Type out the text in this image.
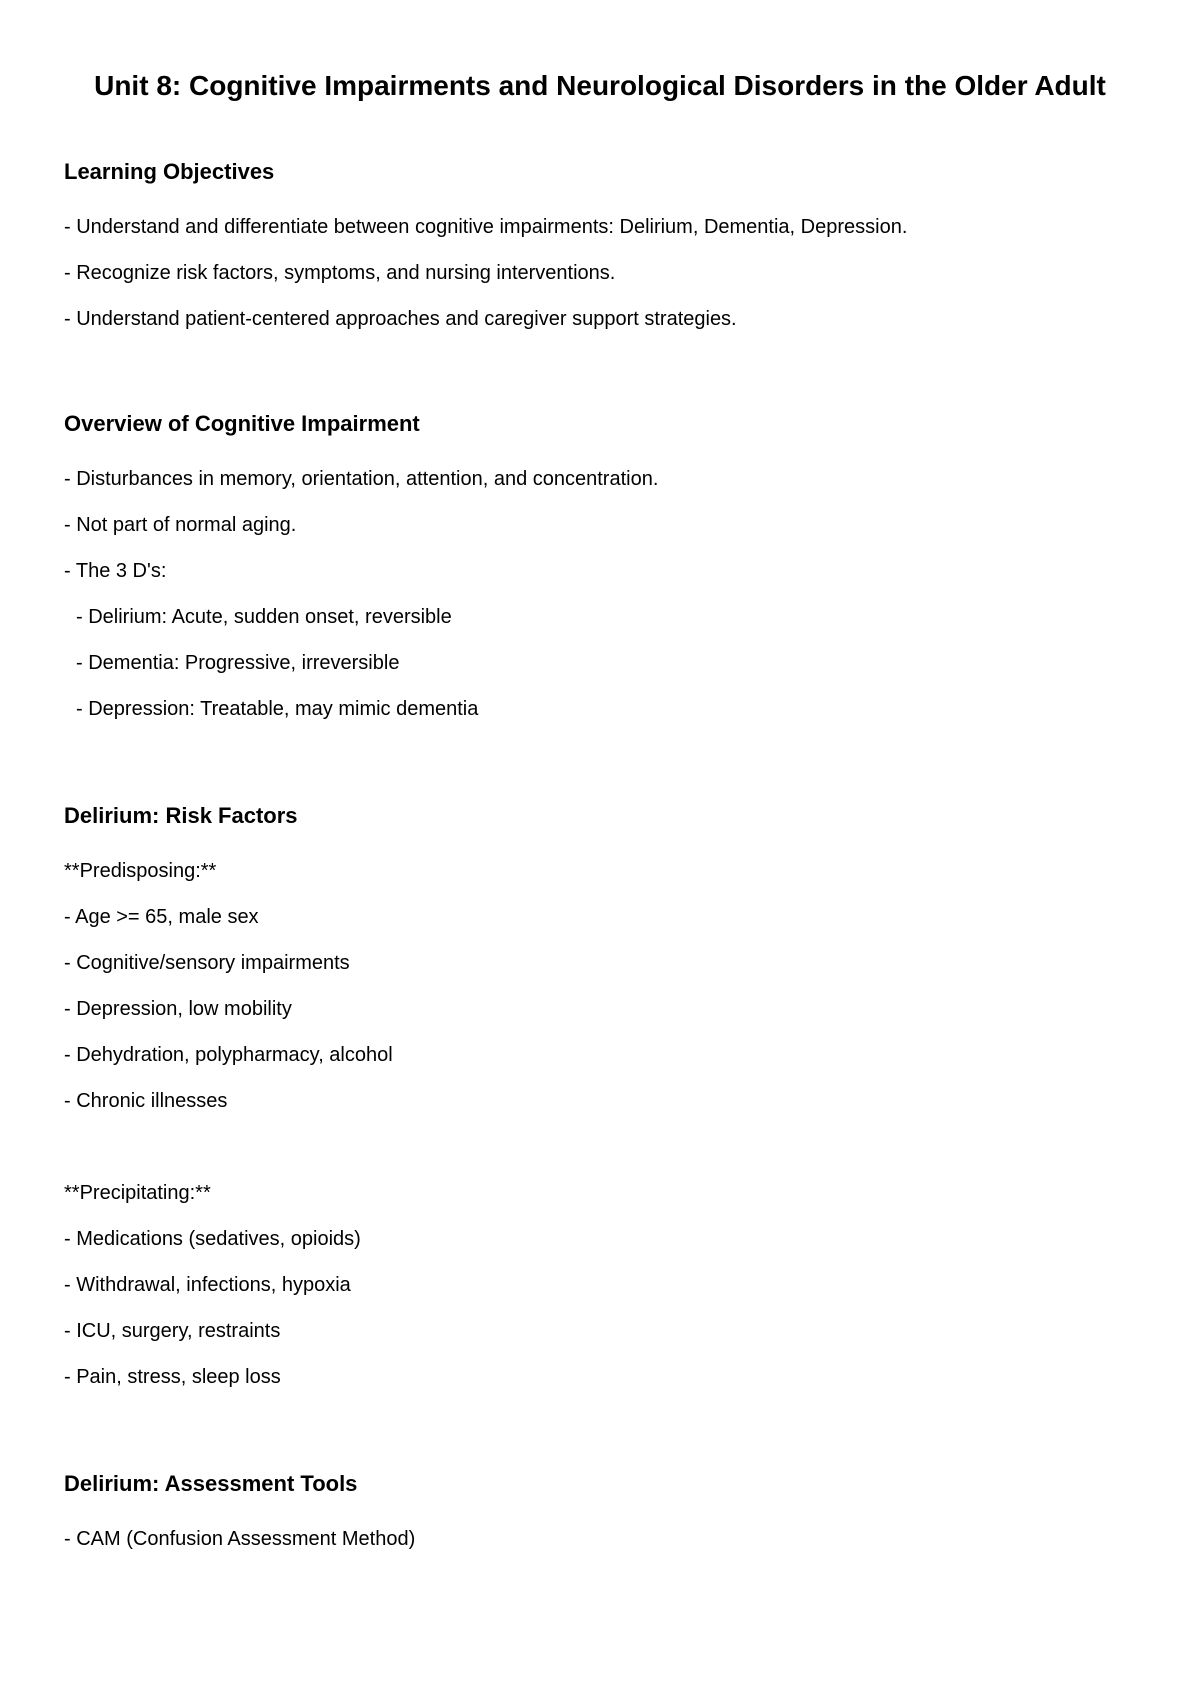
Unit 8: Cognitive Impairments and Neurological Disorders in the Older Adult
Learning Objectives

- Understand and differentiate between cognitive impairments: Delirium, Dementia, Depression.

- Recognize risk factors, symptoms, and nursing interventions.

- Understand patient-centered approaches and caregiver support strategies.

Overview of Cognitive Impairment

- Disturbances in memory, orientation, attention, and concentration.

- Not part of normal aging.

- The 3 D's:

- Delirium: Acute, sudden onset, reversible

- Dementia: Progressive, irreversible

- Depression: Treatable, may mimic dementia

Delirium: Risk Factors

**Predisposing:**

- Age >= 65, male sex

- Cognitive/sensory impairments

- Depression, low mobility

- Dehydration, polypharmacy, alcohol

- Chronic illnesses

**Precipitating:**

- Medications (sedatives, opioids)

- Withdrawal, infections, hypoxia

- ICU, surgery, restraints

- Pain, stress, sleep loss

Delirium: Assessment Tools

- CAM (Confusion Assessment Method)
